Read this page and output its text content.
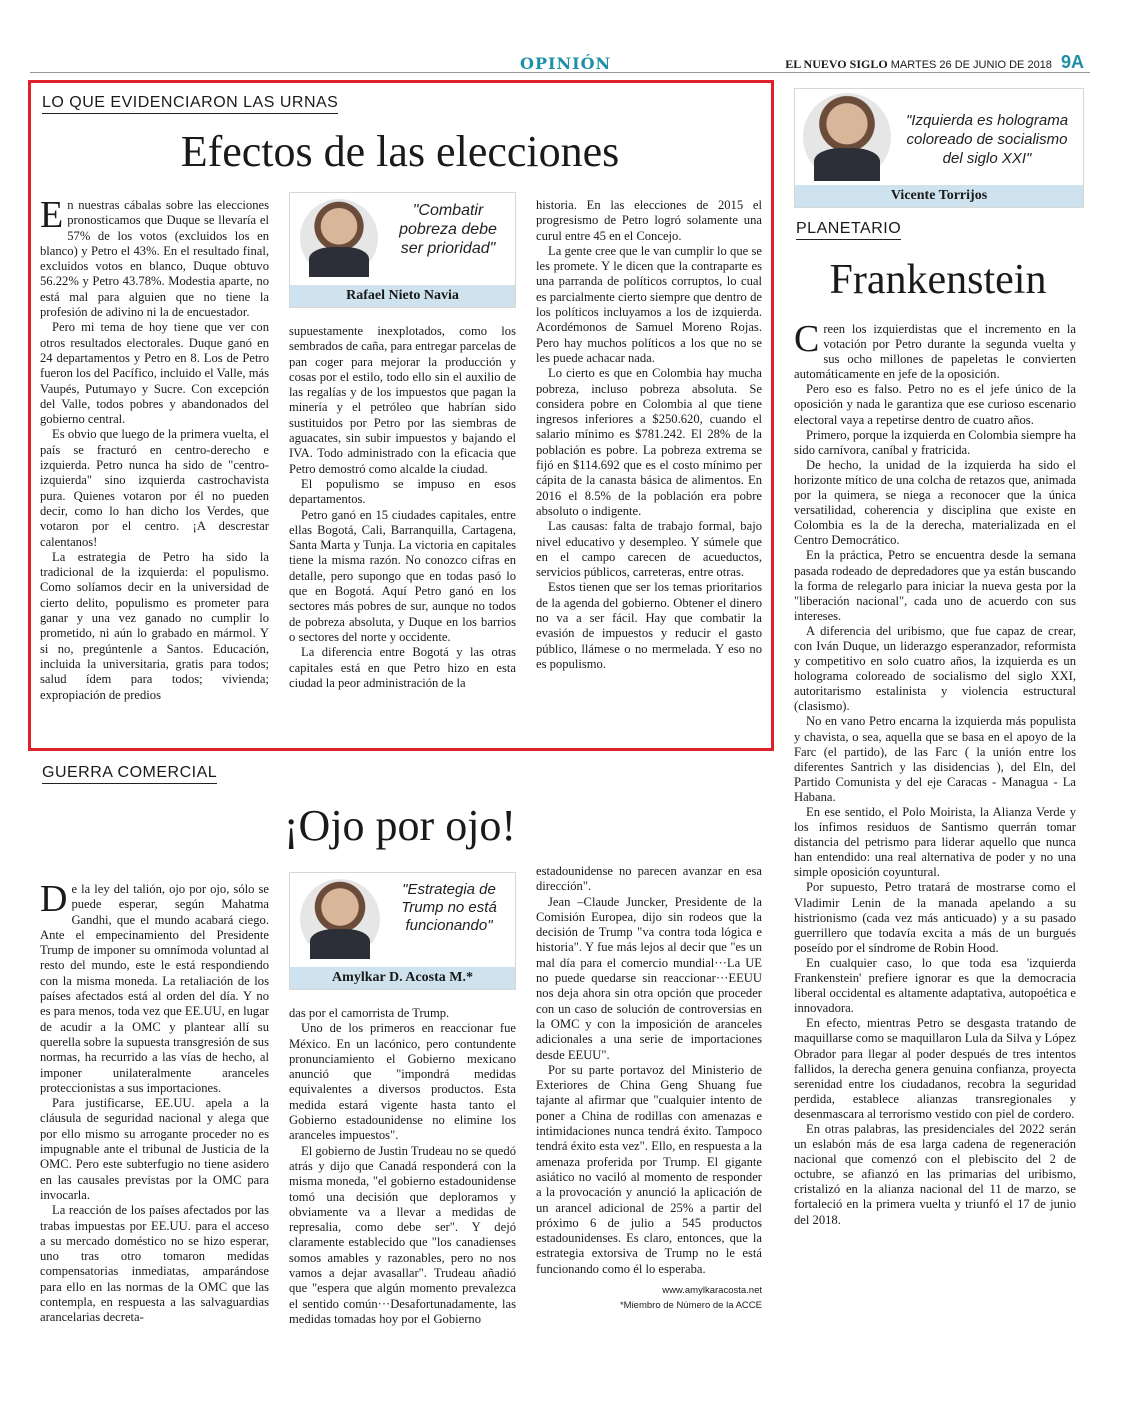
OPINIÓN	EL NUEVO SIGLO MARTES 26 DE JUNIO DE 2018 9A
LO QUE EVIDENCIARON LAS URNAS
Efectos de las elecciones

En nuestras cábalas sobre las elecciones pronosticamos que Duque se llevaría el 57% de los votos (excluidos los en blanco) y Petro el 43%. En el resultado final, excluidos votos en blanco, Duque obtuvo 56.22% y Petro 43.78%. Modestia aparte, no está mal para alguien que no tiene la profesión de adivino ni la de encuestador.

Pero mi tema de hoy tiene que ver con otros resultados electorales. Duque ganó en 24 departamentos y Petro en 8. Los de Petro fueron los del Pacífico, incluido el Valle, más Vaupés, Putumayo y Sucre. Con excepción del Valle, todos pobres y abandonados del gobierno central.

Es obvio que luego de la primera vuelta, el país se fracturó en centro-derecho e izquierda. Petro nunca ha sido de "centro-izquierda" sino izquierda castrochavista pura. Quienes votaron por él no pueden decir, como lo han dicho los Verdes, que votaron por el centro. ¡A descrestar calentanos!

La estrategia de Petro ha sido la tradicional de la izquierda: el populismo. Como solíamos decir en la universidad de cierto delito, populismo es prometer para ganar y una vez ganado no cumplir lo prometido, ni aún lo grabado en mármol. Y si no, pregúntenle a Santos. Educación, incluida la universitaria, gratis para todos; salud ídem para todos; vivienda; expropiación de predios

"Combatir pobreza debe ser prioridad"
Rafael Nieto Navia

supuestamente inexplotados, como los sembrados de caña, para entregar parcelas de pan coger para mejorar la producción y cosas por el estilo, todo ello sin el auxilio de las regalías y de los impuestos que pagan la minería y el petróleo que habrían sido sustituidos por Petro por las siembras de aguacates, sin subir impuestos y bajando el IVA. Todo administrado con la eficacia que Petro demostró como alcalde la ciudad.

El populismo se impuso en esos departamentos.

Petro ganó en 15 ciudades capitales, entre ellas Bogotá, Cali, Barranquilla, Cartagena, Santa Marta y Tunja. La victoria en capitales tiene la misma razón. No conozco cifras en detalle, pero supongo que en todas pasó lo que en Bogotá. Aquí Petro ganó en los sectores más pobres de sur, aunque no todos de pobreza absoluta, y Duque en los barrios o sectores del norte y occidente.

La diferencia entre Bogotá y las otras capitales está en que Petro hizo en esta ciudad la peor administración de la

historia. En las elecciones de 2015 el progresismo de Petro logró solamente una curul entre 45 en el Concejo.

La gente cree que le van cumplir lo que se les promete. Y le dicen que la contraparte es una parranda de políticos corruptos, lo cual es parcialmente cierto siempre que dentro de los políticos incluyamos a los de izquierda. Acordémonos de Samuel Moreno Rojas. Pero hay muchos políticos a los que no se les puede achacar nada.

Lo cierto es que en Colombia hay mucha pobreza, incluso pobreza absoluta. Se considera pobre en Colombia al que tiene ingresos inferiores a $250.620, cuando el salario mínimo es $781.242. El 28% de la población es pobre. La pobreza extrema se fijó en $114.692 que es el costo mínimo per cápita de la canasta básica de alimentos. En 2016 el 8.5% de la población era pobre absoluto o indigente.

Las causas: falta de trabajo formal, bajo nivel educativo y desempleo. Y súmele que en el campo carecen de acueductos, servicios públicos, carreteras, entre otras.

Estos tienen que ser los temas prioritarios de la agenda del gobierno. Obtener el dinero no va a ser fácil. Hay que combatir la evasión de impuestos y reducir el gasto público, llámese o no mermelada. Y eso no es populismo.

GUERRA COMERCIAL
¡Ojo por ojo!

De la ley del talión, ojo por ojo, sólo se puede esperar, según Mahatma Gandhi, que el mundo acabará ciego. Ante el empecinamiento del Presidente Trump de imponer su omnímoda voluntad al resto del mundo, este le está respondiendo con la misma moneda. La retaliación de los países afectados está al orden del día. Y no es para menos, toda vez que EE.UU, en lugar de acudir a la OMC y plantear allí su querella sobre la supuesta transgresión de sus normas, ha recurrido a las vías de hecho, al imponer unilateralmente aranceles proteccionistas a sus importaciones.

Para justificarse, EE.UU. apela a la cláusula de seguridad nacional y alega que por ello mismo su arrogante proceder no es impugnable ante el tribunal de Justicia de la OMC. Pero este subterfugio no tiene asidero en las causales previstas por la OMC para invocarla.

La reacción de los países afectados por las trabas impuestas por EE.UU. para el acceso a su mercado doméstico no se hizo esperar, uno tras otro tomaron medidas compensatorias inmediatas, amparándose para ello en las normas de la OMC que las contempla, en respuesta a las salvaguardias arancelarias decreta-

"Estrategia de Trump no está funcionando"
Amylkar D. Acosta M.*

das por el camorrista de Trump.

Uno de los primeros en reaccionar fue México. En un lacónico, pero contundente pronunciamiento el Gobierno mexicano anunció que "impondrá medidas equivalentes a diversos productos. Esta medida estará vigente hasta tanto el Gobierno estadounidense no elimine los aranceles impuestos".

El gobierno de Justin Trudeau no se quedó atrás y dijo que Canadá responderá con la misma moneda, "el gobierno estadounidense tomó una decisión que deploramos y obviamente va a llevar a medidas de represalia, como debe ser". Y dejó claramente establecido que "los canadienses somos amables y razonables, pero no nos vamos a dejar avasallar". Trudeau añadió que "espera que algún momento prevalezca el sentido común···Desafortunadamente, las medidas tomadas hoy por el Gobierno

estadounidense no parecen avanzar en esa dirección".

Jean –Claude Juncker, Presidente de la Comisión Europea, dijo sin rodeos que la decisión de Trump "va contra toda lógica e historia". Y fue más lejos al decir que "es un mal día para el comercio mundial···La UE no puede quedarse sin reaccionar···EEUU nos deja ahora sin otra opción que proceder con un caso de solución de controversias en la OMC y con la imposición de aranceles adicionales a una serie de importaciones desde EEUU".

Por su parte portavoz del Ministerio de Exteriores de China Geng Shuang fue tajante al afirmar que "cualquier intento de poner a China de rodillas con amenazas e intimidaciones nunca tendrá éxito. Tampoco tendrá éxito esta vez". Ello, en respuesta a la amenaza proferida por Trump. El gigante asiático no vaciló al momento de responder a la provocación y anunció la aplicación de un arancel adicional de 25% a partir del próximo 6 de julio a 545 productos estadounidenses. Es claro, entonces, que la estrategia extorsiva de Trump no le está funcionando como él lo esperaba.

www.amylkaracosta.net
*Miembro de Número de la ACCE
"Izquierda es holograma coloreado de socialismo del siglo XXI"
Vicente Torrijos
PLANETARIO
Frankenstein

Creen los izquierdistas que el incremento en la votación por Petro durante la segunda vuelta y sus ocho millones de papeletas le convierten automáticamente en jefe de la oposición.

Pero eso es falso. Petro no es el jefe único de la oposición y nada le garantiza que ese curioso escenario electoral vaya a repetirse dentro de cuatro años.

Primero, porque la izquierda en Colombia siempre ha sido carnívora, caníbal y fratricida.

De hecho, la unidad de la izquierda ha sido el horizonte mítico de una colcha de retazos que, animada por la quimera, se niega a reconocer que la única versatilidad, coherencia y disciplina que existe en Colombia es la de la derecha, materializada en el Centro Democrático.

En la práctica, Petro se encuentra desde la semana pasada rodeado de depredadores que ya están buscando la forma de relegarlo para iniciar la nueva gesta por la "liberación nacional", cada uno de acuerdo con sus intereses.

A diferencia del uribismo, que fue capaz de crear, con Iván Duque, un liderazgo esperanzador, reformista y competitivo en solo cuatro años, la izquierda es un holograma coloreado de socialismo del siglo XXI, autoritarismo estalinista y violencia estructural (clasismo).

No en vano Petro encarna la izquierda más populista y chavista, o sea, aquella que se basa en el apoyo de la Farc (el partido), de las Farc ( la unión entre los diferentes Santrich y las disidencias ), del Eln, del Partido Comunista y del eje Caracas - Managua - La Habana.

En ese sentido, el Polo Moirista, la Alianza Verde y los ínfimos residuos de Santismo querrán tomar distancia del petrismo para liderar aquello que nunca han entendido: una real alternativa de poder y no una simple oposición coyuntural.

Por supuesto, Petro tratará de mostrarse como el Vladimir Lenin de la manada apelando a su histrionismo (cada vez más anticuado) y a su pasado guerrillero que todavía excita a más de un burgués poseído por el síndrome de Robin Hood.

En cualquier caso, lo que toda esa 'izquierda Frankenstein' prefiere ignorar es que la democracia liberal occidental es altamente adaptativa, autopoética e innovadora.

En efecto, mientras Petro se desgasta tratando de maquillarse como se maquillaron Lula da Silva y López Obrador para llegar al poder después de tres intentos fallidos, la derecha genera genuina confianza, proyecta serenidad entre los ciudadanos, recobra la seguridad perdida, establece alianzas transregionales y desenmascara al terrorismo vestido con piel de cordero.

En otras palabras, las presidenciales del 2022 serán un eslabón más de esa larga cadena de regeneración nacional que comenzó con el plebiscito del 2 de octubre, se afianzó en las primarias del uribismo, cristalizó en la alianza nacional del 11 de marzo, se fortaleció en la primera vuelta y triunfó el 17 de junio del 2018.
